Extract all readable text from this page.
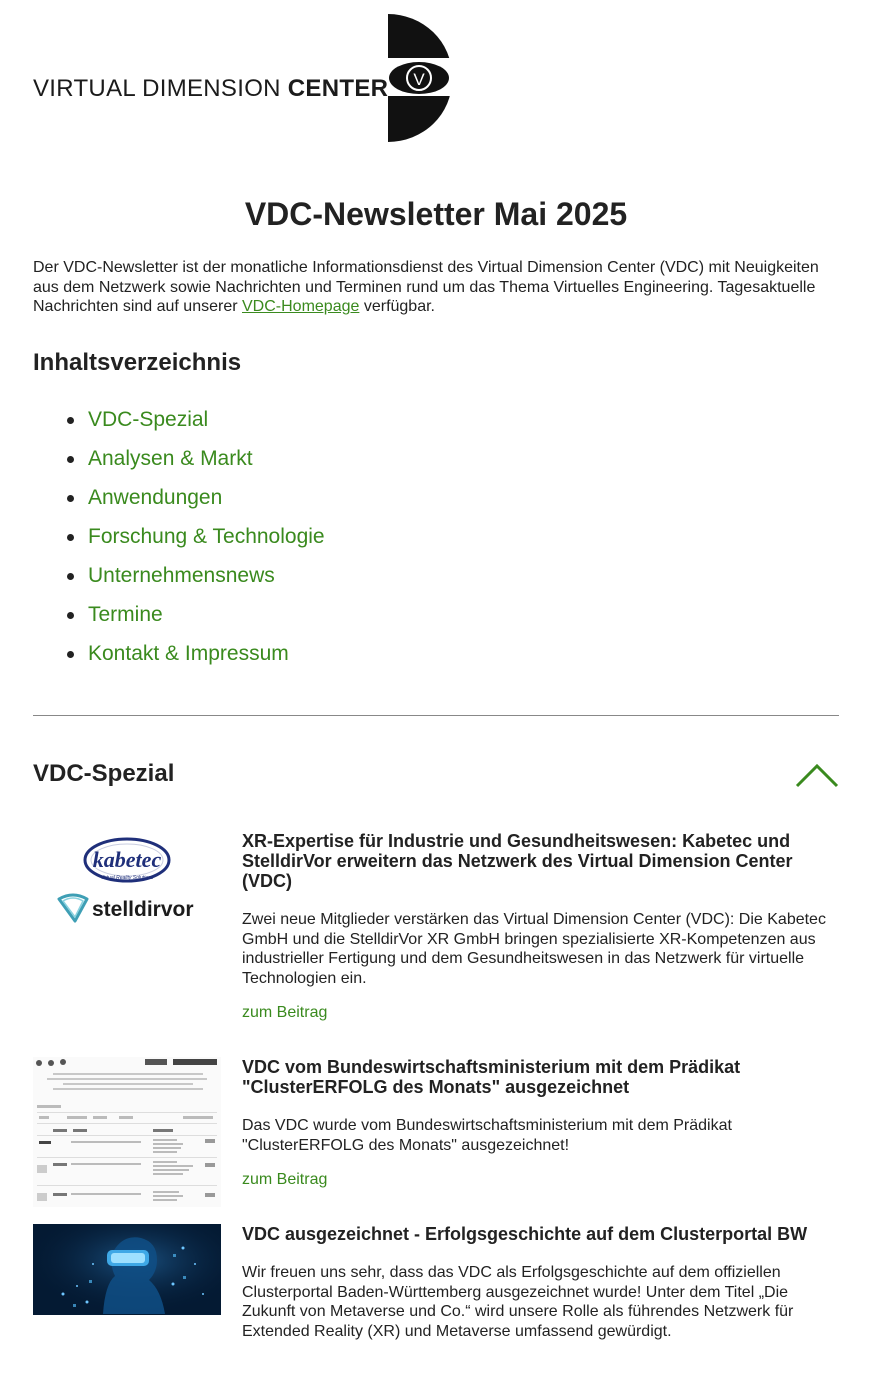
VIRTUAL DIMENSION CENTER V
VDC-Newsletter Mai 2025

Der VDC-Newsletter ist der monatliche Informationsdienst des Virtual Dimension Center (VDC) mit Neuigkeiten aus dem Netzwerk sowie Nachrichten und Terminen rund um das Thema Virtuelles Engineering. Tagesaktuelle Nachrichten sind auf unserer VDC-Homepage verfügbar.

Inhaltsverzeichnis
VDC-Spezial
Analysen & Markt
Anwendungen
Forschung & Technologie
Unternehmensnews
Termine
Kontakt & Impressum
VDC-Spezial
kabetec
Virtual Reality Solutions
stelldirvor
XR-Expertise für Industrie und Gesundheitswesen: Kabetec und StelldirVor erweitern das Netzwerk des Virtual Dimension Center (VDC)

Zwei neue Mitglieder verstärken das Virtual Dimension Center (VDC): Die Kabetec GmbH und die StelldirVor XR GmbH bringen spezialisierte XR-Kompetenzen aus industrieller Fertigung und dem Gesundheitswesen in das Netzwerk für virtuelle Technologien ein.

zum Beitrag
VDC vom Bundeswirtschaftsministerium mit dem Prädikat "ClusterERFOLG des Monats" ausgezeichnet

Das VDC wurde vom Bundeswirtschaftsministerium mit dem Prädikat "ClusterERFOLG des Monats" ausgezeichnet!

zum Beitrag
VDC ausgezeichnet - Erfolgsgeschichte auf dem Clusterportal BW

Wir freuen uns sehr, dass das VDC als Erfolgsgeschichte auf dem offiziellen Clusterportal Baden-Württemberg ausgezeichnet wurde! Unter dem Titel „Die Zukunft von Metaverse und Co.“ wird unsere Rolle als führendes Netzwerk für Extended Reality (XR) und Metaverse umfassend gewürdigt.
